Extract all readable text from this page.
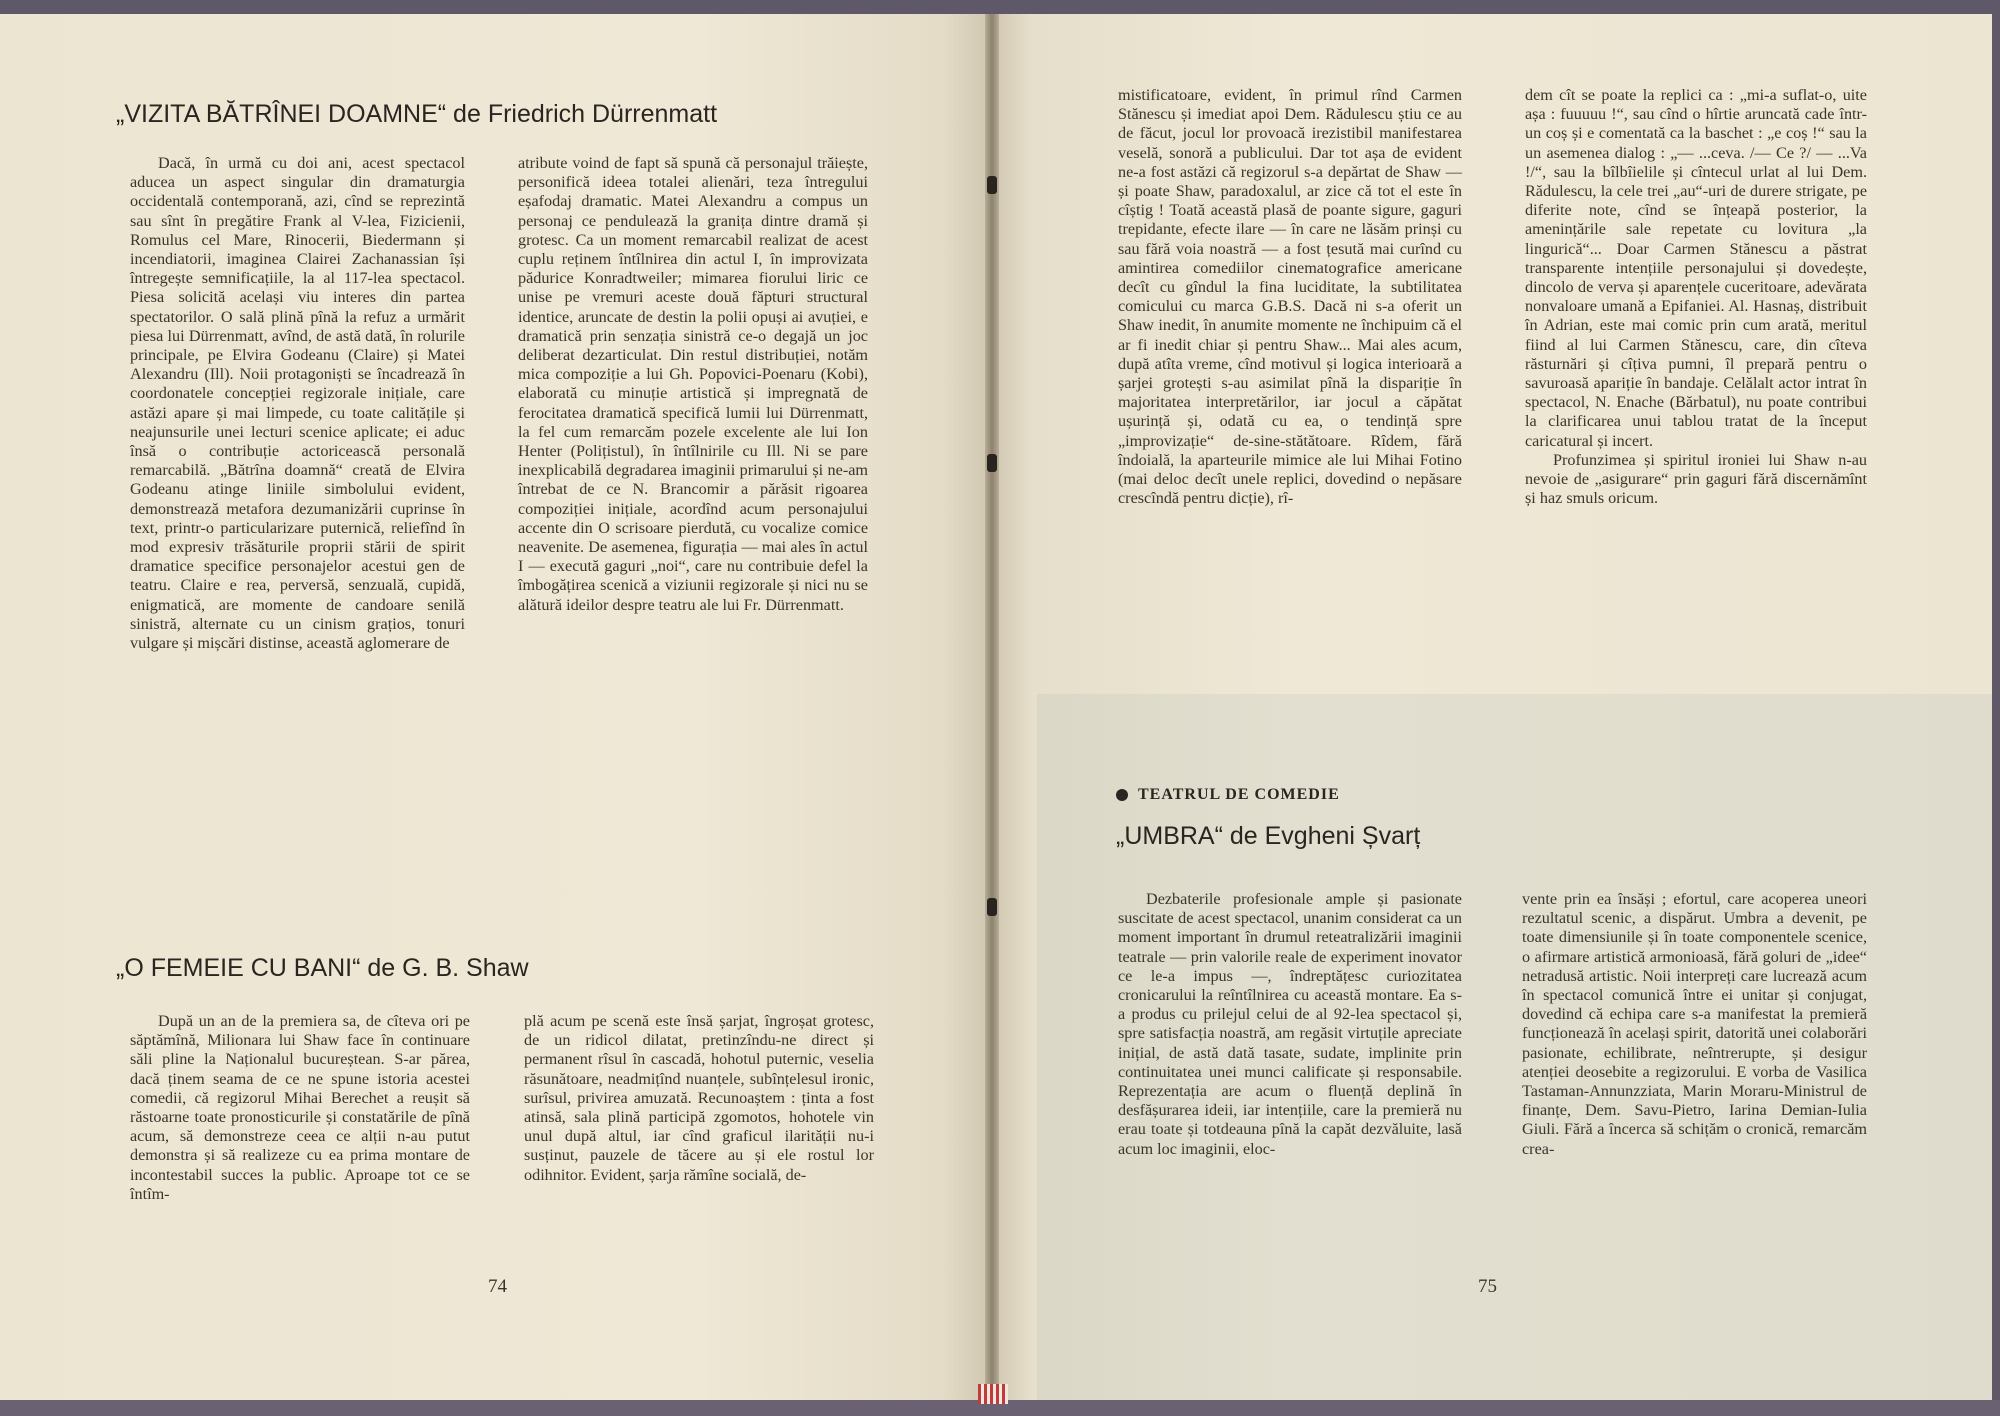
„VIZITA BĂTRÎNEI DOAMNE“ de Friedrich Dürrenmatt

Dacă, în urmă cu doi ani, acest spectacol aducea un aspect singular din dramaturgia occidentală contemporană, azi, cînd se reprezintă sau sînt în pregătire Frank al V-lea, Fizicienii, Romulus cel Mare, Rinocerii, Biedermann și incendiatorii, imaginea Clairei Zachanassian își întregește semnificațiile, la al 117-lea spectacol. Piesa solicită același viu interes din partea spectatorilor. O sală plină pînă la refuz a urmărit piesa lui Dürrenmatt, avînd, de astă dată, în rolurile principale, pe Elvira Godeanu (Claire) și Matei Alexandru (Ill). Noii protagoniști se încadrează în coordonatele concepției regizorale inițiale, care astăzi apare și mai limpede, cu toate calitățile și neajunsurile unei lecturi scenice aplicate; ei aduc însă o contribuție actoricească personală remarcabilă. „Bătrîna doamnă“ creată de Elvira Godeanu atinge liniile simbolului evident, demonstrează metafora dezumanizării cuprinse în text, printr-o particularizare puternică, reliefînd în mod expresiv trăsăturile proprii stării de spirit dramatice specifice personajelor acestui gen de teatru. Claire e rea, perversă, senzuală, cupidă, enigmatică, are momente de candoare senilă sinistră, alternate cu un cinism grațios, tonuri vulgare și mișcări distinse, această aglomerare de

atribute voind de fapt să spună că personajul trăiește, personifică ideea totalei alienări, teza întregului eșafodaj dramatic. Matei Alexandru a compus un personaj ce pendulează la granița dintre dramă și grotesc. Ca un moment remarcabil realizat de acest cuplu reținem întîlnirea din actul I, în improvizata pădurice Konradtweiler; mimarea fiorului liric ce unise pe vremuri aceste două făpturi structural identice, aruncate de destin la polii opuși ai avuției, e dramatică prin senzația sinistră ce-o degajă un joc deliberat dezarticulat. Din restul distribuției, notăm mica compoziție a lui Gh. Popovici-Poenaru (Kobi), elaborată cu minuție artistică și impregnată de ferocitatea dramatică specifică lumii lui Dürrenmatt, la fel cum remarcăm pozele excelente ale lui Ion Henter (Polițistul), în întîlnirile cu Ill. Ni se pare inexplicabilă degradarea imaginii primarului și ne-am întrebat de ce N. Brancomir a părăsit rigoarea compoziției inițiale, acordînd acum personajului accente din O scrisoare pierdută, cu vocalize comice neavenite. De asemenea, figurația — mai ales în actul I — execută gaguri „noi“, care nu contribuie defel la îmbogățirea scenică a viziunii regizorale și nici nu se alătură ideilor despre teatru ale lui Fr. Dürrenmatt.

„O FEMEIE CU BANI“ de G. B. Shaw

După un an de la premiera sa, de cîteva ori pe săptămînă, Milionara lui Shaw face în continuare săli pline la Naționalul bucureștean. S-ar părea, dacă ținem seama de ce ne spune istoria acestei comedii, că regizorul Mihai Berechet a reușit să răstoarne toate pronosticurile și constatările de pînă acum, să demonstreze ceea ce alții n-au putut demonstra și să realizeze cu ea prima montare de incontestabil succes la public. Aproape tot ce se întîm-

plă acum pe scenă este însă șarjat, îngroșat grotesc, de un ridicol dilatat, pretinzîndu-ne direct și permanent rîsul în cascadă, hohotul puternic, veselia răsunătoare, neadmițînd nuanțele, subînțelesul ironic, surîsul, privirea amuzată. Recunoaștem : ținta a fost atinsă, sala plină participă zgomotos, hohotele vin unul după altul, iar cînd graficul ilarității nu-i susținut, pauzele de tăcere au și ele rostul lor odihnitor. Evident, șarja rămîne socială, de-

74

mistificatoare, evident, în primul rînd Carmen Stănescu și imediat apoi Dem. Rădulescu știu ce au de făcut, jocul lor provoacă irezistibil manifestarea veselă, sonoră a publicului. Dar tot așa de evident ne-a fost astăzi că regizorul s-a depărtat de Shaw — și poate Shaw, paradoxalul, ar zice că tot el este în cîștig ! Toată această plasă de poante sigure, gaguri trepidante, efecte ilare — în care ne lăsăm prinși cu sau fără voia noastră — a fost țesută mai curînd cu amintirea comediilor cinematografice americane decît cu gîndul la fina luciditate, la subtilitatea comicului cu marca G.B.S. Dacă ni s-a oferit un Shaw inedit, în anumite momente ne închipuim că el ar fi inedit chiar și pentru Shaw... Mai ales acum, după atîta vreme, cînd motivul și logica interioară a șarjei grotești s-au asimilat pînă la dispariție în majoritatea interpretărilor, iar jocul a căpătat ușurință și, odată cu ea, o tendință spre „improvizație“ de-sine-stătătoare. Rîdem, fără îndoială, la aparteurile mimice ale lui Mihai Fotino (mai deloc decît unele replici, dovedind o nepăsare crescîndă pentru dicție), rî-

dem cît se poate la replici ca : „mi-a suflat-o, uite așa : fuuuuu !“, sau cînd o hîrtie aruncată cade într-un coș și e comentată ca la baschet : „e coș !“ sau la un asemenea dialog : „— ...ceva. /— Ce ?/ — ...Va !/“, sau la bîlbîielile și cîntecul urlat al lui Dem. Rădulescu, la cele trei „au“-uri de durere strigate, pe diferite note, cînd se înțeapă posterior, la amenințările sale repetate cu lovitura „la lingurică“... Doar Carmen Stănescu a păstrat transparente intențiile personajului și dovedește, dincolo de verva și aparențele cuceritoare, adevărata nonvaloare umană a Epifaniei. Al. Hasnaș, distribuit în Adrian, este mai comic prin cum arată, meritul fiind al lui Carmen Stănescu, care, din cîteva răsturnări și cîțiva pumni, îl prepară pentru o savuroasă apariție în bandaje. Celălalt actor intrat în spectacol, N. Enache (Bărbatul), nu poate contribui la clarificarea unui tablou tratat de la început caricatural și incert.

Profunzimea și spiritul ironiei lui Shaw n-au nevoie de „asigurare“ prin gaguri fără discernămînt și haz smuls oricum.

TEATRUL DE COMEDIE
„UMBRA“ de Evgheni Șvarț

Dezbaterile profesionale ample și pasionate suscitate de acest spectacol, unanim considerat ca un moment important în drumul reteatralizării imaginii teatrale — prin valorile reale de experiment inovator ce le-a impus —, îndreptățesc curiozitatea cronicarului la reîntîlnirea cu această montare. Ea s-a produs cu prilejul celui de al 92-lea spectacol și, spre satisfacția noastră, am regăsit virtuțile apreciate inițial, de astă dată tasate, sudate, implinite prin continuitatea unei munci calificate și responsabile. Reprezentația are acum o fluență deplină în desfășurarea ideii, iar intențiile, care la premieră nu erau toate și totdeauna pînă la capăt dezvăluite, lasă acum loc imaginii, eloc-

vente prin ea însăși ; efortul, care acoperea uneori rezultatul scenic, a dispărut. Umbra a devenit, pe toate dimensiunile și în toate componentele scenice, o afirmare artistică armonioasă, fără goluri de „idee“ netradusă artistic. Noii interpreți care lucrează acum în spectacol comunică între ei unitar și conjugat, dovedind că echipa care s-a manifestat la premieră funcționează în același spirit, datorită unei colaborări pasionate, echilibrate, neîntrerupte, și desigur atenției deosebite a regizorului. E vorba de Vasilica Tastaman-Annunzziata, Marin Moraru-Ministrul de finanțe, Dem. Savu-Pietro, Iarina Demian-Iulia Giuli. Fără a încerca să schițăm o cronică, remarcăm crea-

75
